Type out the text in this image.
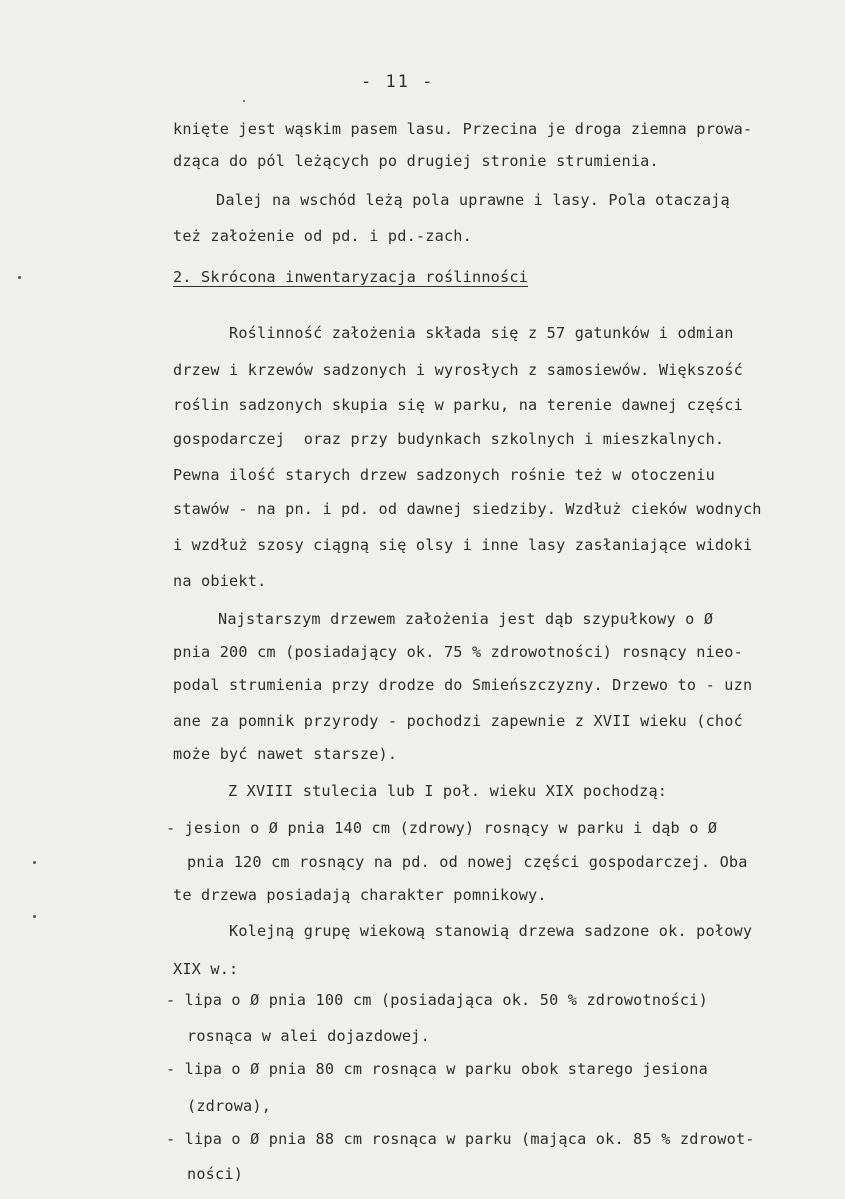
- 11 -
knięte jest wąskim pasem lasu. Przecina je droga ziemna prowa-
dząca do pól leżących po drugiej stronie strumienia.
Dalej na wschód leżą pola uprawne i lasy. Pola otaczają
też założenie od pd. i pd.-zach.
2. Skrócona inwentaryzacja roślinności
Roślinność założenia składa się z 57 gatunków i odmian
drzew i krzewów sadzonych i wyrosłych z samosiewów. Większość
roślin sadzonych skupia się w parku, na terenie dawnej części
gospodarczej  oraz przy budynkach szkolnych i mieszkalnych.
Pewna ilość starych drzew sadzonych rośnie też w otoczeniu
stawów - na pn. i pd. od dawnej siedziby. Wzdłuż cieków wodnych
i wzdłuż szosy ciągną się olsy i inne lasy zasłaniające widoki
na obiekt.
Najstarszym drzewem założenia jest dąb szypułkowy o Ø
pnia 200 cm (posiadający ok. 75 % zdrowotności) rosnący nieo-
podal strumienia przy drodze do Smieńszczyzny. Drzewo to - uzn
ane za pomnik przyrody - pochodzi zapewnie z XVII wieku (choć
może być nawet starsze).
Z XVIII stulecia lub I poł. wieku XIX pochodzą:
- jesion o Ø pnia 140 cm (zdrowy) rosnący w parku i dąb o Ø
pnia 120 cm rosnący na pd. od nowej części gospodarczej. Oba
te drzewa posiadają charakter pomnikowy.
Kolejną grupę wiekową stanowią drzewa sadzone ok. połowy
XIX w.:
- lipa o Ø pnia 100 cm (posiadająca ok. 50 % zdrowotności)
rosnąca w alei dojazdowej.
- lipa o Ø pnia 80 cm rosnąca w parku obok starego jesiona
(zdrowa),
- lipa o Ø pnia 88 cm rosnąca w parku (mająca ok. 85 % zdrowot-
ności)
